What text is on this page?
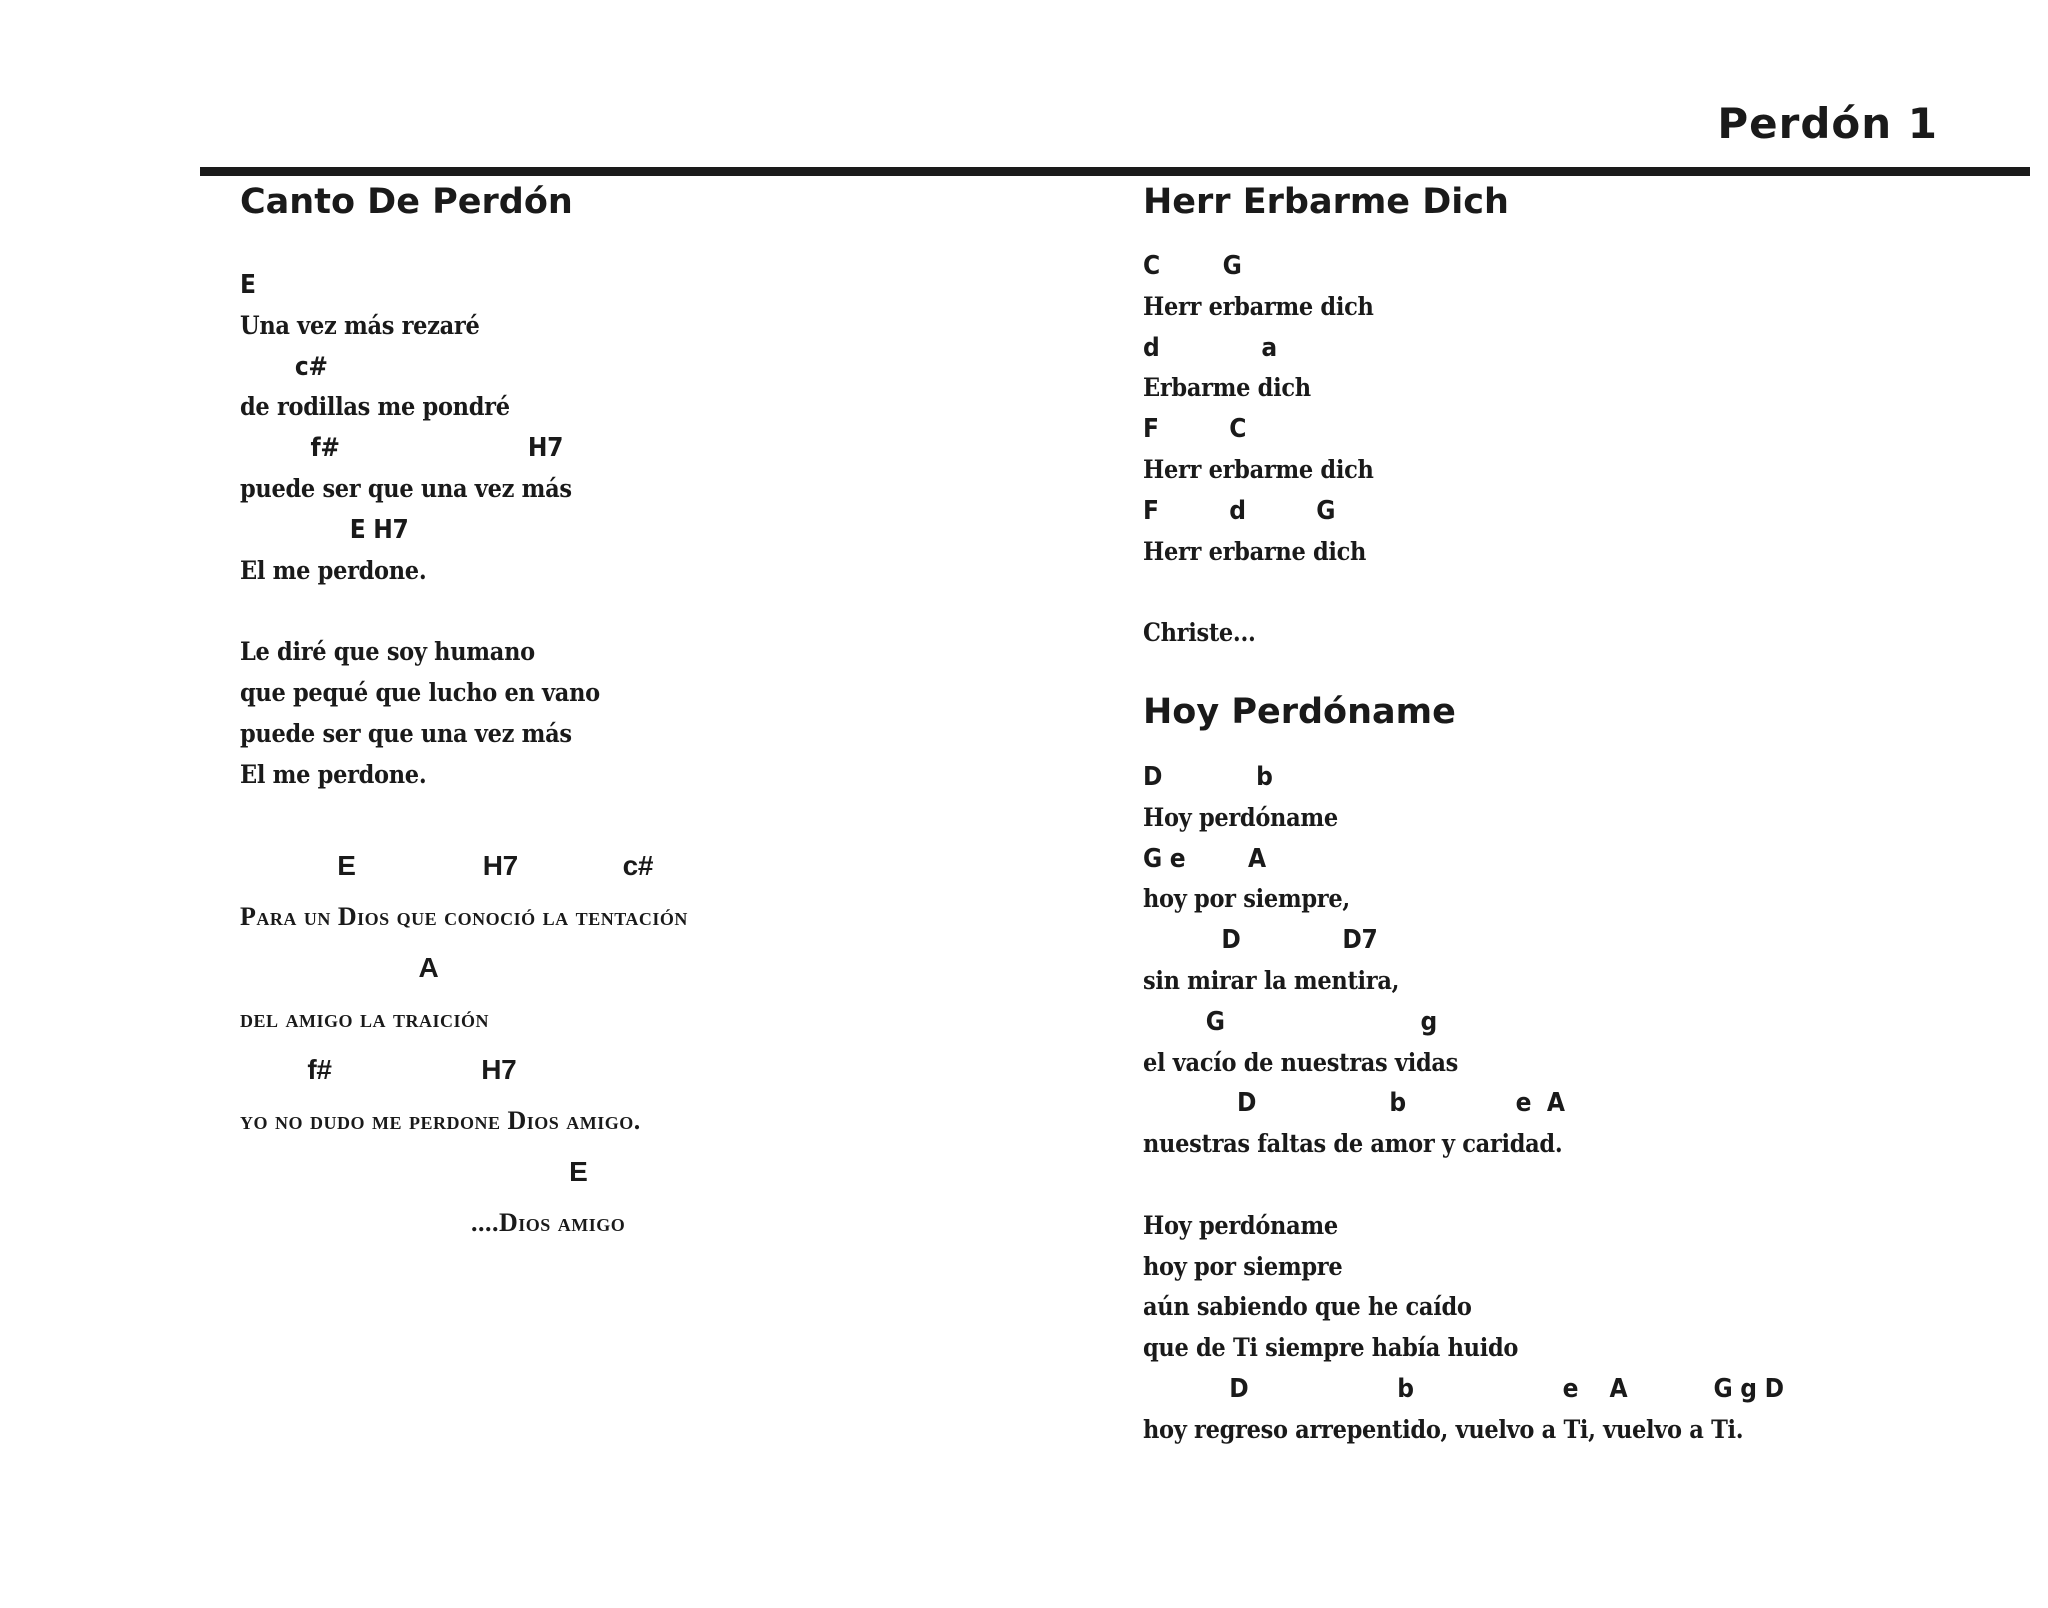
Perdón 1
Canto De Perdón
E
Una vez más rezaré
c#
de rodillas me pondré
f#                        H7
puede ser que una vez más
E H7
El me perdone.
Le diré que soy humano
que pequé que lucho en vano
puede ser que una vez más
El me perdone.
E                 H7              c#
Para un Dios que conoció la tentación
A
del amigo la traición
f#                    H7
yo no dudo me perdone Dios amigo.
E
....Dios amigo
Herr Erbarme Dich
C        G
Herr erbarme dich
d             a
Erbarme dich
F         C
Herr erbarme dich
F         d         G
Herr erbarne dich
Christe...
Hoy Perdóname
D            b
Hoy perdóname
G e        A
hoy por siempre,
D             D7
sin mirar la mentira,
G                         g
el vacío de nuestras vidas
D                 b              e  A
nuestras faltas de amor y caridad.
Hoy perdóname
hoy por siempre
aún sabiendo que he caído
que de Ti siempre había huido
D                   b                   e    A           G g D
hoy regreso arrepentido, vuelvo a Ti, vuelvo a Ti.
